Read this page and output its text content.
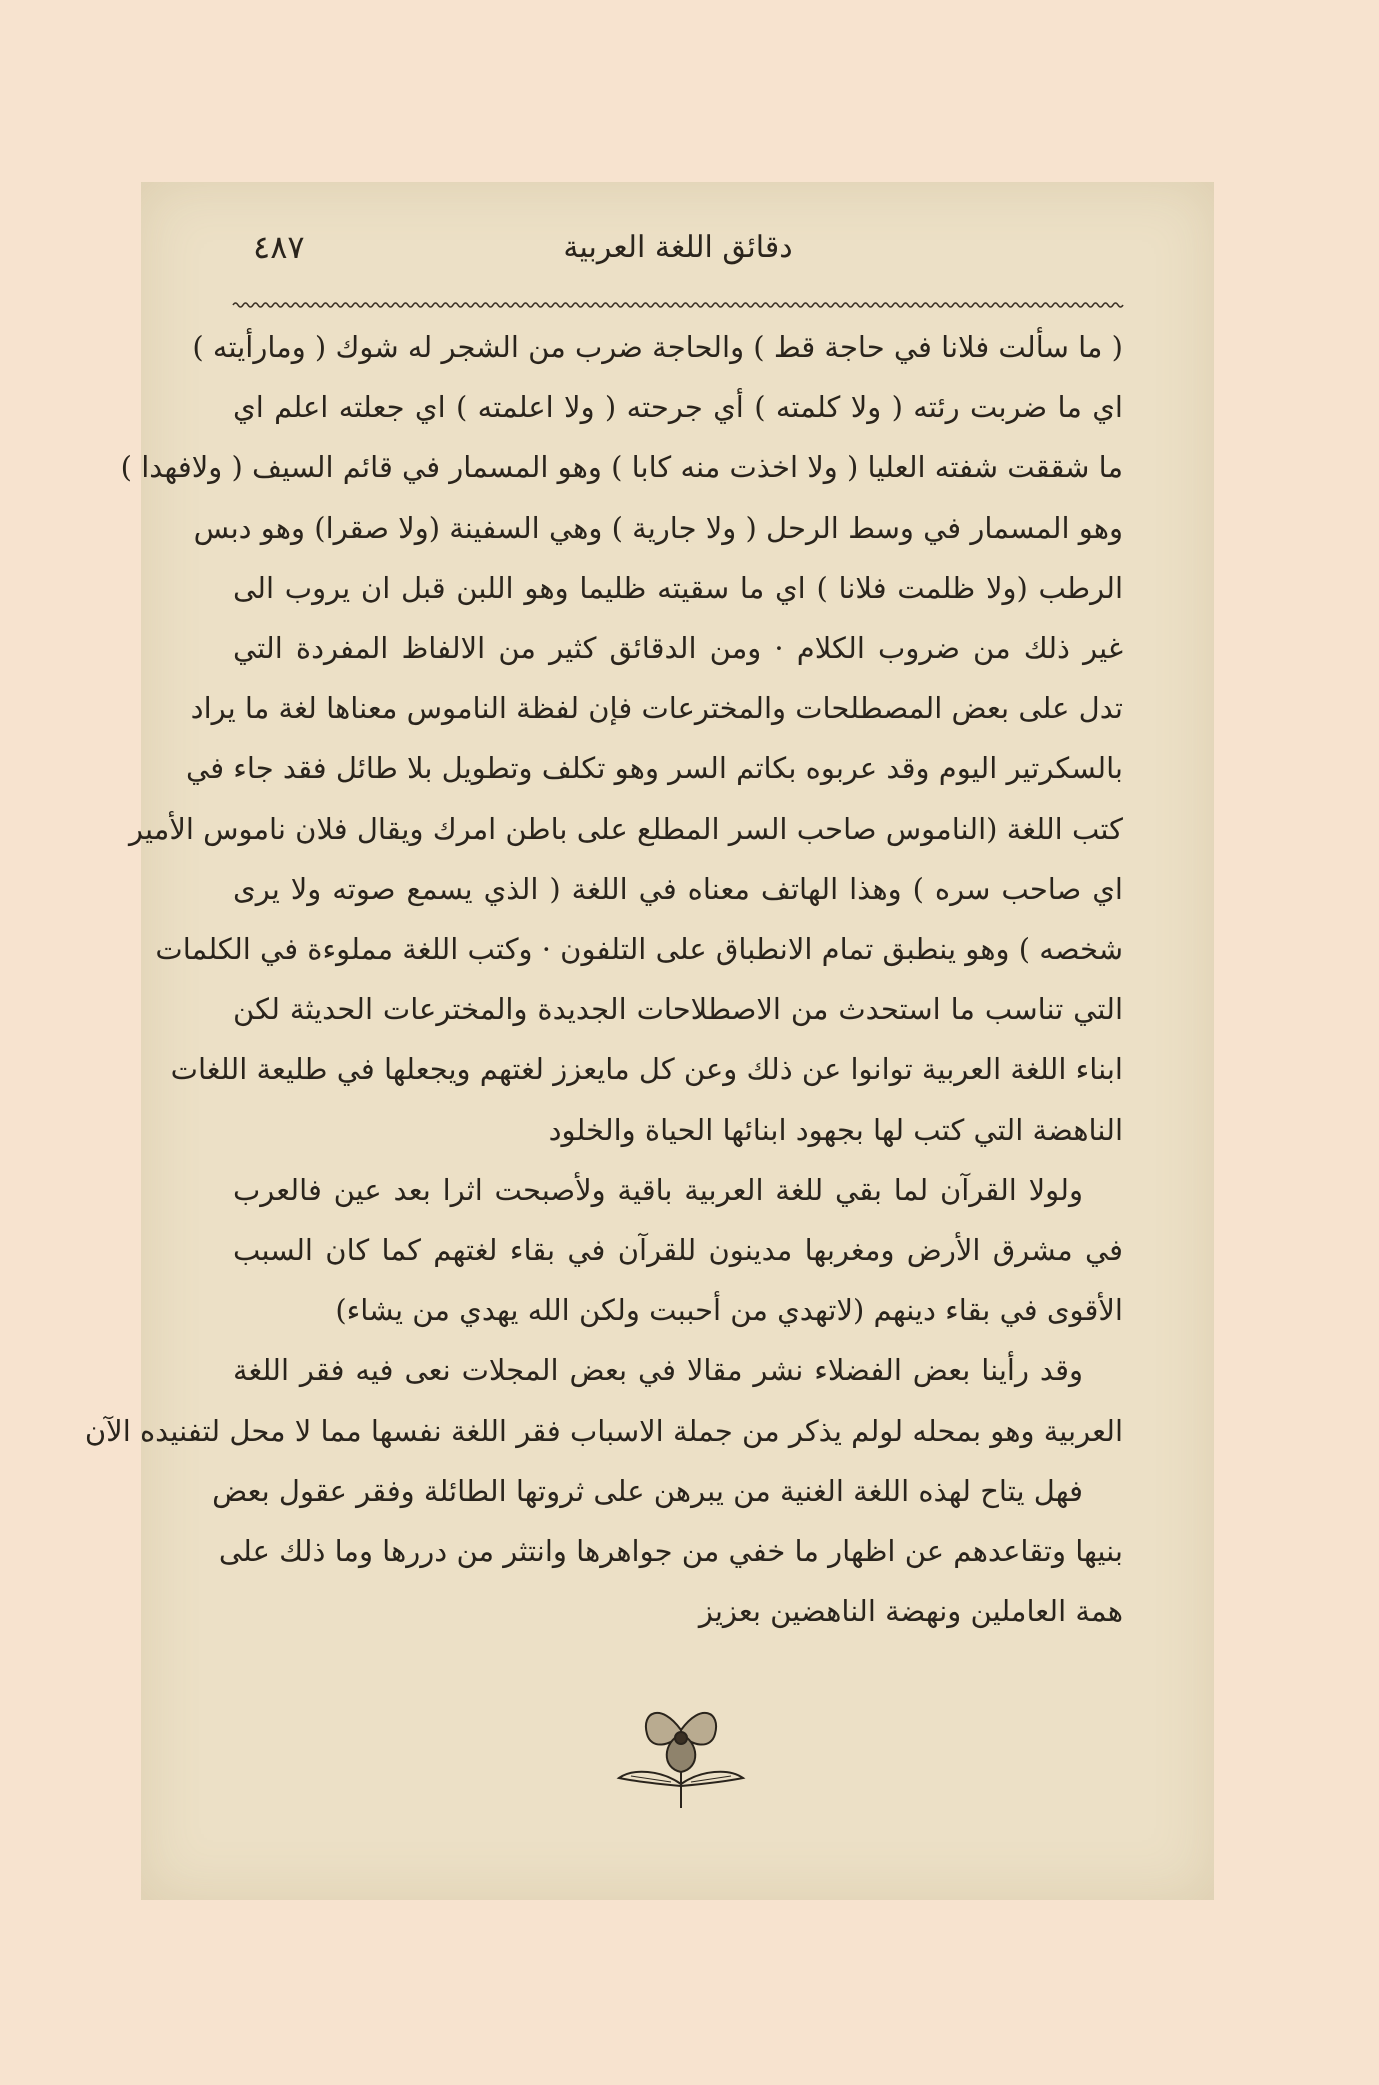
دقائق اللغة العربية
٤٨٧
( ما سألت فلانا في حاجة قط ) والحاجة ضرب من الشجر له شوك ( ومارأيته )
اي ما ضربت رئته ( ولا كلمته ) أي جرحته ( ولا اعلمته ) اي جعلته اعلم اي
ما شققت شفته العليا ( ولا اخذت منه كابا ) وهو المسمار في قائم السيف ( ولافهدا )
وهو المسمار في وسط الرحل ( ولا جارية ) وهي السفينة (ولا صقرا) وهو دبس
الرطب (ولا ظلمت فلانا ) اي ما سقيته ظليما وهو اللبن قبل ان يروب الى
غير ذلك من ضروب الكلام · ومن الدقائق كثير من الالفاظ المفردة التي
تدل على بعض المصطلحات والمخترعات فإن لفظة الناموس معناها لغة ما يراد
بالسكرتير اليوم وقد عربوه بكاتم السر وهو تكلف وتطويل بلا طائل فقد جاء في
كتب اللغة (الناموس صاحب السر المطلع على باطن امرك ويقال فلان ناموس الأمير
اي صاحب سره ) وهذا الهاتف معناه في اللغة ( الذي يسمع صوته ولا يرى
شخصه ) وهو ينطبق تمام الانطباق على التلفون · وكتب اللغة مملوءة في الكلمات
التي تناسب ما استحدث من الاصطلاحات الجديدة والمخترعات الحديثة لكن
ابناء اللغة العربية توانوا عن ذلك وعن كل مايعزز لغتهم ويجعلها في طليعة اللغات
الناهضة التي كتب لها بجهود ابنائها الحياة والخلود
ولولا القرآن لما بقي للغة العربية باقية ولأصبحت اثرا بعد عين فالعرب
في مشرق الأرض ومغربها مدينون للقرآن في بقاء لغتهم كما كان السبب
الأقوى في بقاء دينهم (لاتهدي من أحببت ولكن الله يهدي من يشاء)
وقد رأينا بعض الفضلاء نشر مقالا في بعض المجلات نعى فيه فقر اللغة
العربية وهو بمحله لولم يذكر من جملة الاسباب فقر اللغة نفسها مما لا محل لتفنيده الآن
فهل يتاح لهذه اللغة الغنية من يبرهن على ثروتها الطائلة وفقر عقول بعض
بنيها وتقاعدهم عن اظهار ما خفي من جواهرها وانتثر من دررها وما ذلك على
همة العاملين ونهضة الناهضين بعزيز
